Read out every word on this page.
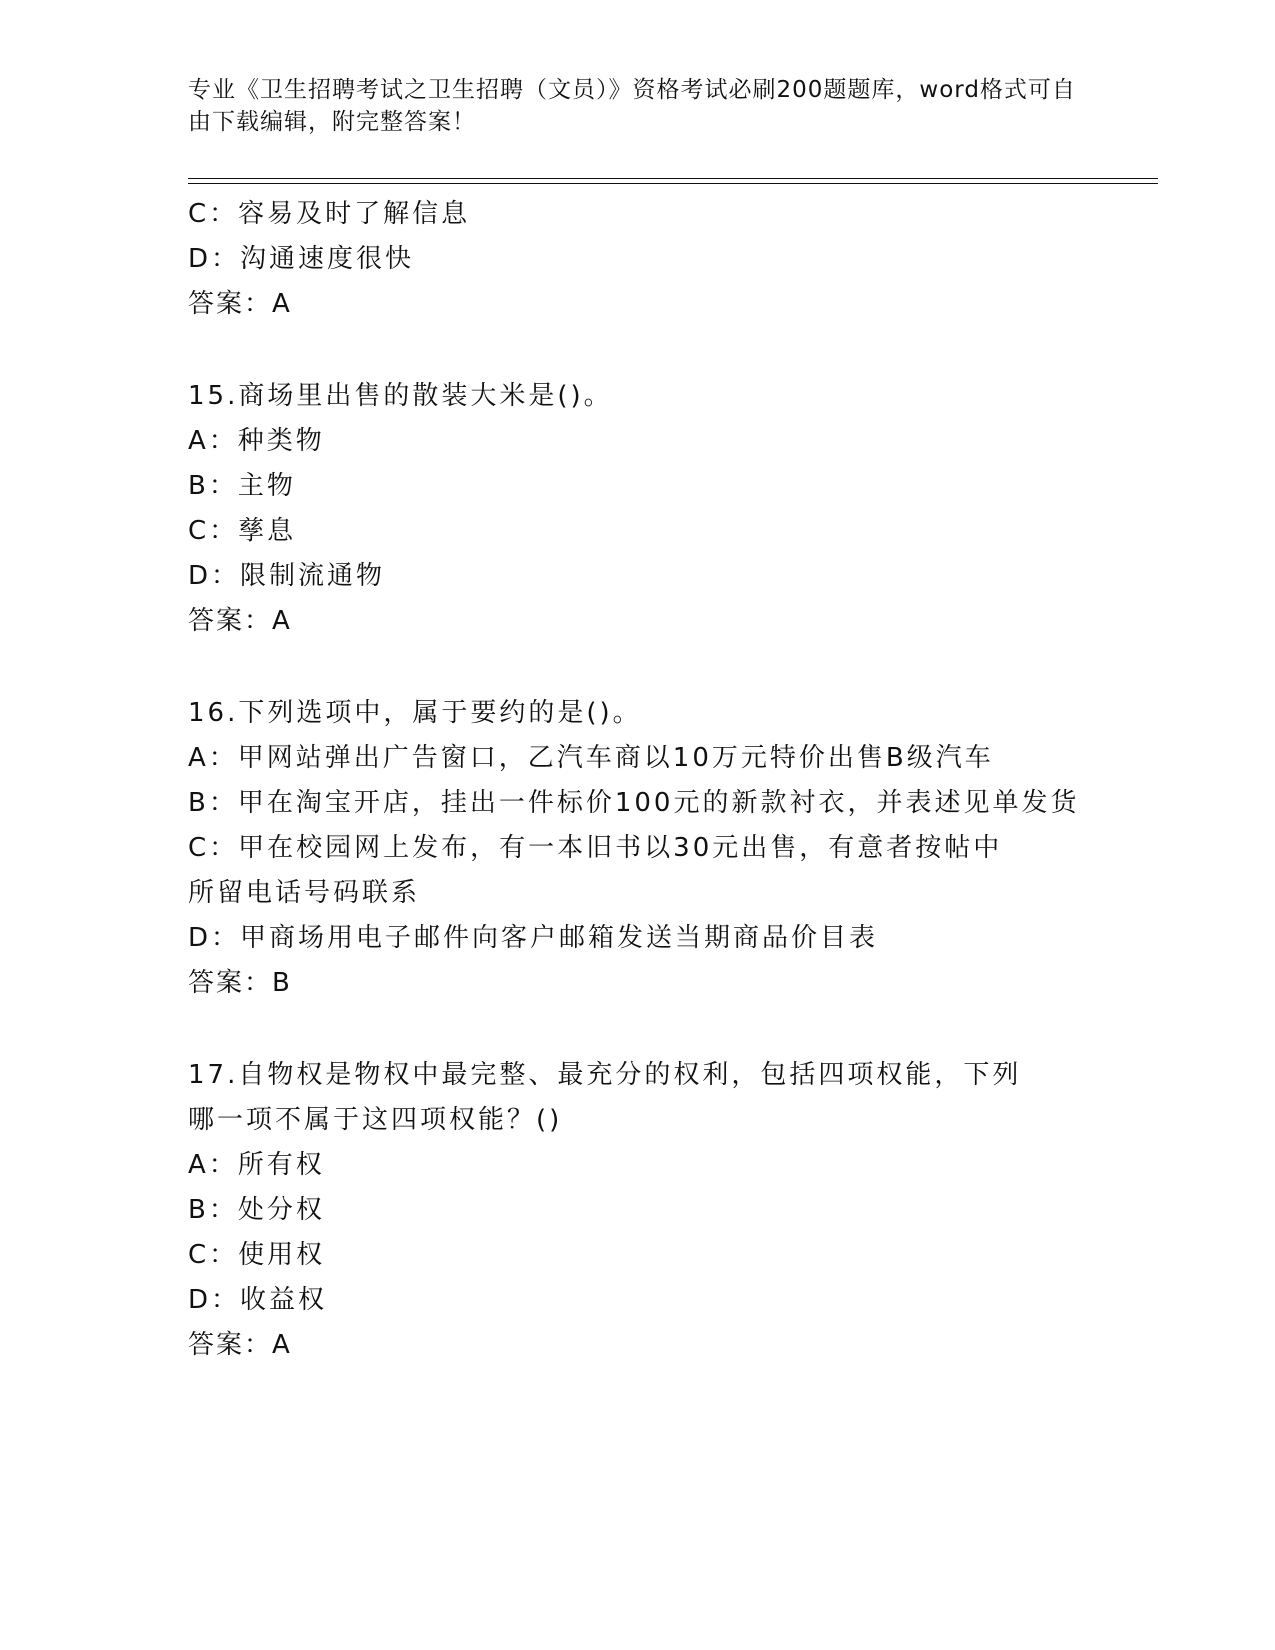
专业《卫生招聘考试之卫生招聘（文员）》资格考试必刷200题题库，word格式可自由下载编辑，附完整答案！
C：容易及时了解信息
D：沟通速度很快
答案：A
15.商场里出售的散装大米是()。
A：种类物
B：主物
C：孳息
D：限制流通物
答案：A
16.下列选项中，属于要约的是()。
A：甲网站弹出广告窗口，乙汽车商以10万元特价出售B级汽车
B：甲在淘宝开店，挂出一件标价100元的新款衬衣，并表述见单发货
C：甲在校园网上发布，有一本旧书以30元出售，有意者按帖中所留电话号码联系
D：甲商场用电子邮件向客户邮箱发送当期商品价目表
答案：B
17.自物权是物权中最完整、最充分的权利，包括四项权能，下列哪一项不属于这四项权能？()
A：所有权
B：处分权
C：使用权
D：收益权
答案：A
